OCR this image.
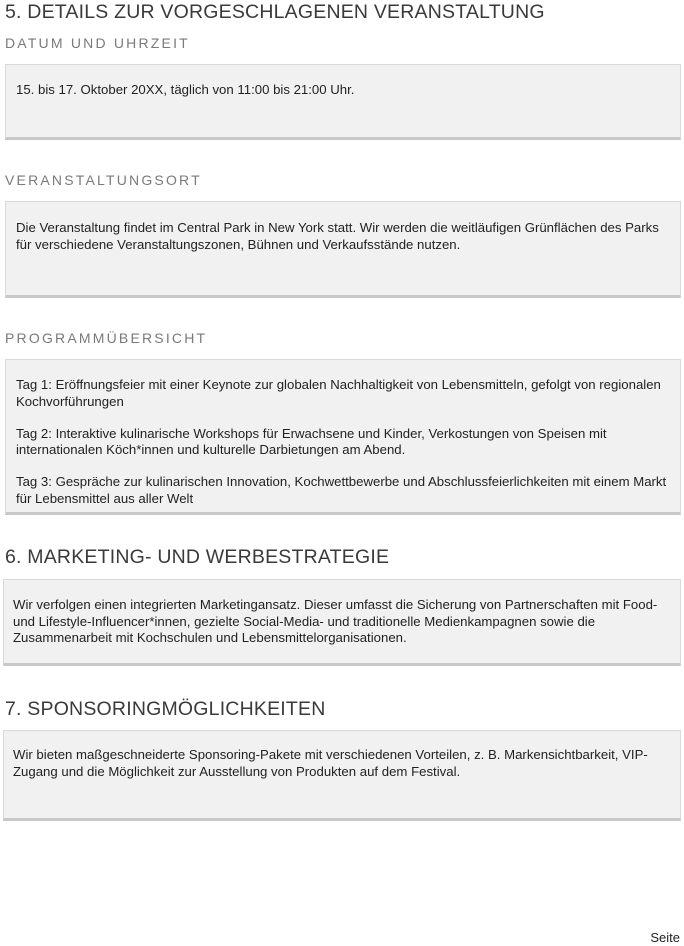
5. DETAILS ZUR VORGESCHLAGENEN VERANSTALTUNG
DATUM UND UHRZEIT

15. bis 17. Oktober 20XX, täglich von 11:00 bis 21:00 Uhr.

VERANSTALTUNGSORT

Die Veranstaltung findet im Central Park in New York statt. Wir werden die weitläufigen Grünflächen des Parks für verschiedene Veranstaltungszonen, Bühnen und Verkaufsstände nutzen.

PROGRAMMÜBERSICHT

Tag 1: Eröffnungsfeier mit einer Keynote zur globalen Nachhaltigkeit von Lebensmitteln, gefolgt von regionalen Kochvorführungen

Tag 2: Interaktive kulinarische Workshops für Erwachsene und Kinder, Verkostungen von Speisen mit internationalen Köch*innen und kulturelle Darbietungen am Abend.

Tag 3: Gespräche zur kulinarischen Innovation, Kochwettbewerbe und Abschlussfeierlichkeiten mit einem Markt für Lebensmittel aus aller Welt

6. MARKETING- UND WERBESTRATEGIE

Wir verfolgen einen integrierten Marketingansatz. Dieser umfasst die Sicherung von Partnerschaften mit Food- und Lifestyle-Influencer*innen, gezielte Social-Media- und traditionelle Medienkampagnen sowie die Zusammenarbeit mit Kochschulen und Lebensmittelorganisationen.

7. SPONSORINGMÖGLICHKEITEN

Wir bieten maßgeschneiderte Sponsoring-Pakete mit verschiedenen Vorteilen, z. B. Markensichtbarkeit, VIP-Zugang und die Möglichkeit zur Ausstellung von Produkten auf dem Festival.

Seite
